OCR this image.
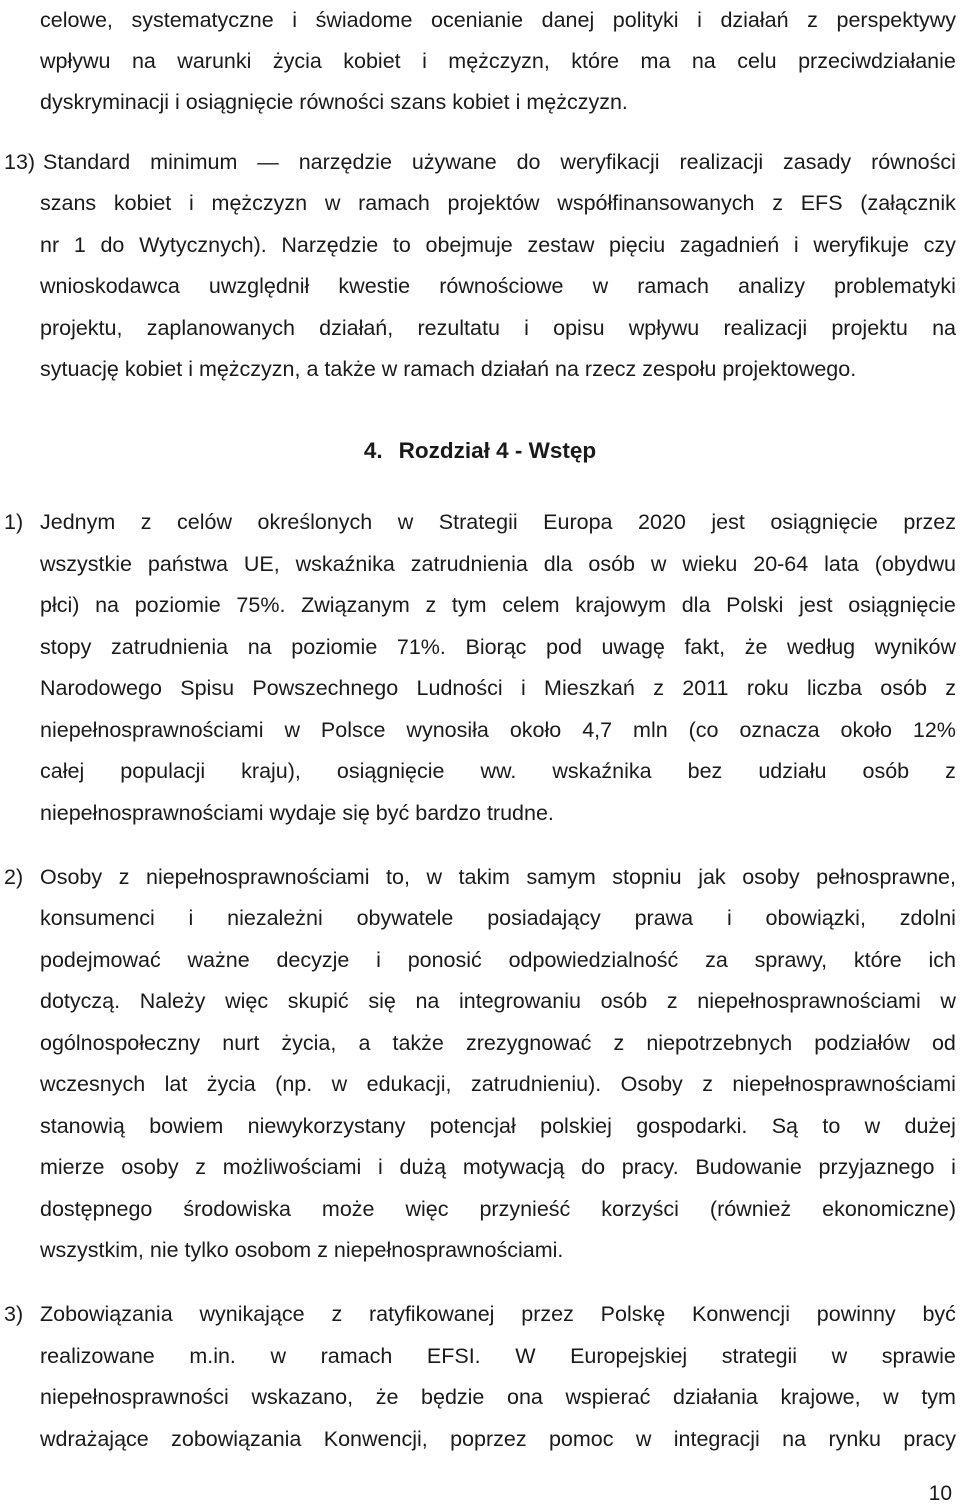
celowe, systematyczne i świadome ocenianie danej polityki i działań z perspektywy

wpływu na warunki życia kobiet i mężczyzn, które ma na celu przeciwdziałanie

dyskryminacji i osiągnięcie równości szans kobiet i mężczyzn.

13) Standard minimum — narzędzie używane do weryfikacji realizacji zasady równości

szans kobiet i mężczyzn w ramach projektów współfinansowanych z EFS (załącznik

nr 1 do Wytycznych). Narzędzie to obejmuje zestaw pięciu zagadnień i weryfikuje czy

wnioskodawca uwzględnił kwestie równościowe w ramach analizy problematyki

projektu, zaplanowanych działań, rezultatu i opisu wpływu realizacji projektu na

sytuację kobiet i mężczyzn, a także w ramach działań na rzecz zespołu projektowego.

4. Rozdział 4 - Wstęp
1) Jednym z celów określonych w Strategii Europa 2020 jest osiągnięcie przez

wszystkie państwa UE, wskaźnika zatrudnienia dla osób w wieku 20-64 lata (obydwu

płci) na poziomie 75%. Związanym z tym celem krajowym dla Polski jest osiągnięcie

stopy zatrudnienia na poziomie 71%. Biorąc pod uwagę fakt, że według wyników

Narodowego Spisu Powszechnego Ludności i Mieszkań z 2011 roku liczba osób z

niepełnosprawnościami w Polsce wynosiła około 4,7 mln (co oznacza około 12%

całej populacji kraju), osiągnięcie ww. wskaźnika bez udziału osób z

niepełnosprawnościami wydaje się być bardzo trudne.

2) Osoby z niepełnosprawnościami to, w takim samym stopniu jak osoby pełnosprawne,

konsumenci i niezależni obywatele posiadający prawa i obowiązki, zdolni

podejmować ważne decyzje i ponosić odpowiedzialność za sprawy, które ich

dotyczą. Należy więc skupić się na integrowaniu osób z niepełnosprawnościami w

ogólnospołeczny nurt życia, a także zrezygnować z niepotrzebnych podziałów od

wczesnych lat życia (np. w edukacji, zatrudnieniu). Osoby z niepełnosprawnościami

stanowią bowiem niewykorzystany potencjał polskiej gospodarki. Są to w dużej

mierze osoby z możliwościami i dużą motywacją do pracy. Budowanie przyjaznego i

dostępnego środowiska może więc przynieść korzyści (również ekonomiczne)

wszystkim, nie tylko osobom z niepełnosprawnościami.

3) Zobowiązania wynikające z ratyfikowanej przez Polskę Konwencji powinny być

realizowane m.in. w ramach EFSI. W Europejskiej strategii w sprawie

niepełnosprawności wskazano, że będzie ona wspierać działania krajowe, w tym

wdrażające zobowiązania Konwencji, poprzez pomoc w integracji na rynku pracy

10
